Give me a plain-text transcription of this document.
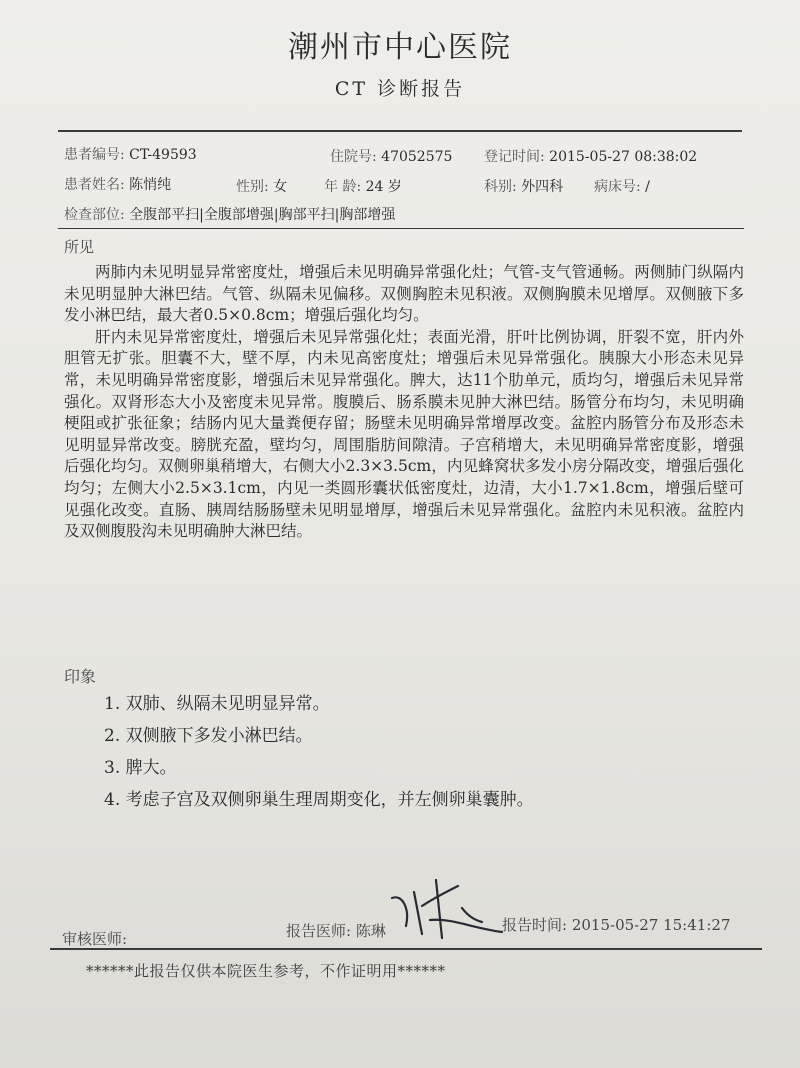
潮州市中心医院
CT 诊断报告
患者编号: CT-49593	住院号: 47052575 登记时间: 2015-05-27 08:38:02
患者姓名: 陈悄纯	性别: 女	年 龄: 24 岁	科别: 外四科 病床号: /
检查部位: 全腹部平扫|全腹部增强|胸部平扫|胸部增强
所见

两肺内未见明显异常密度灶，增强后未见明确异常强化灶；气管-支气管通畅。两侧肺门纵隔内未见明显肿大淋巴结。气管、纵隔未见偏移。双侧胸腔未见积液。双侧胸膜未见增厚。双侧腋下多发小淋巴结，最大者0.5×0.8cm；增强后强化均匀。

肝内未见异常密度灶，增强后未见异常强化灶；表面光滑，肝叶比例协调，肝裂不宽，肝内外胆管无扩张。胆囊不大，壁不厚，内未见高密度灶；增强后未见异常强化。胰腺大小形态未见异常，未见明确异常密度影，增强后未见异常强化。脾大，达11个肋单元，质均匀，增强后未见异常强化。双肾形态大小及密度未见异常。腹膜后、肠系膜未见肿大淋巴结。肠管分布均匀，未见明确梗阻或扩张征象；结肠内见大量粪便存留；肠壁未见明确异常增厚改变。盆腔内肠管分布及形态未见明显异常改变。膀胱充盈，壁均匀，周围脂肪间隙清。子宫稍增大，未见明确异常密度影，增强后强化均匀。双侧卵巢稍增大，右侧大小2.3×3.5cm，内见蜂窝状多发小房分隔改变，增强后强化均匀；左侧大小2.5×3.1cm，内见一类圆形囊状低密度灶，边清，大小1.7×1.8cm，增强后壁可见强化改变。直肠、胰周结肠肠壁未见明显增厚，增强后未见异常强化。盆腔内未见积液。盆腔内及双侧腹股沟未见明确肿大淋巴结。

印象
1. 双肺、纵隔未见明显异常。
2. 双侧腋下多发小淋巴结。
3. 脾大。
4. 考虑子宫及双侧卵巢生理周期变化，并左侧卵巢囊肿。
审核医师:	报告医师: 陈琳	报告时间: 2015-05-27 15:41:27
******此报告仅供本院医生参考，不作证明用******
